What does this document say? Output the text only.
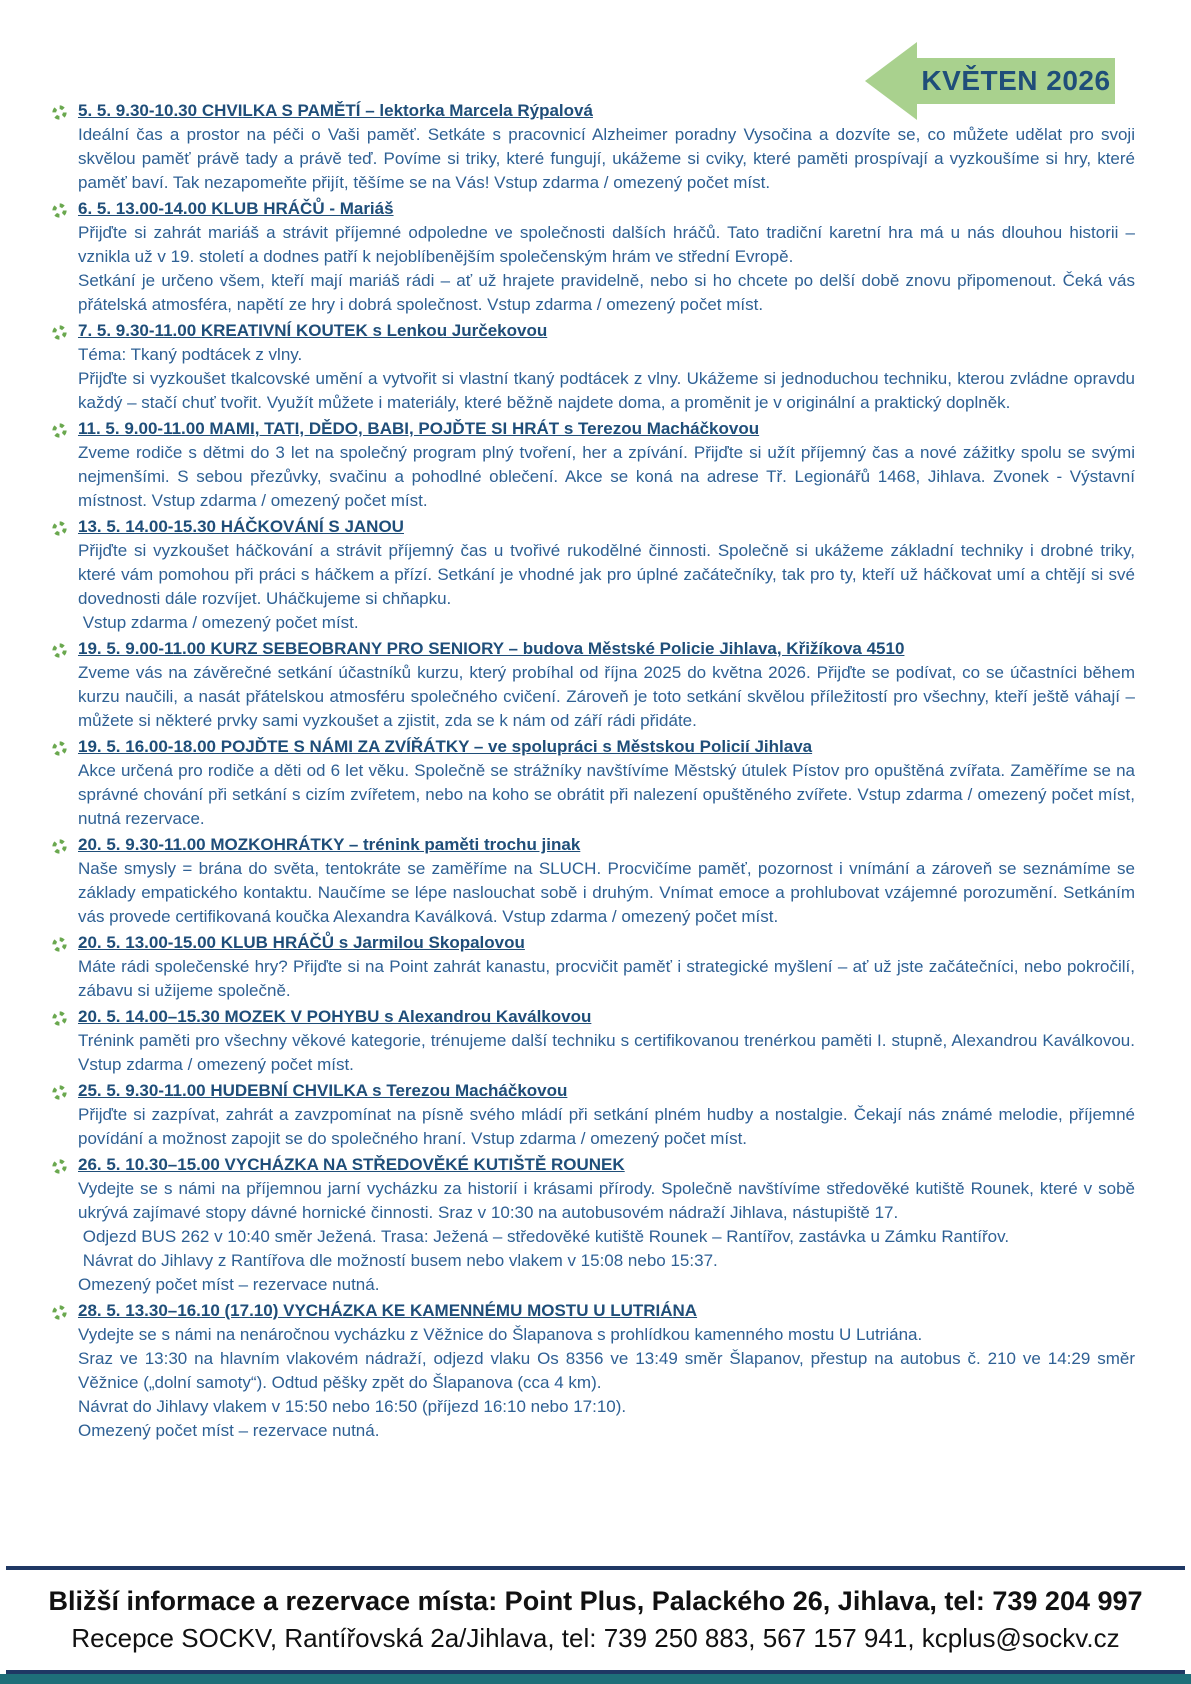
KVĚTEN 2026
5. 5. 9.30-10.30 CHVILKA S PAMĚTÍ – lektorka Marcela Rýpalová

Ideální čas a prostor na péči o Vaši paměť. Setkáte s pracovnicí Alzheimer poradny Vysočina a dozvíte se, co můžete udělat pro svoji skvělou paměť právě tady a právě teď. Povíme si triky, které fungují, ukážeme si cviky, které paměti prospívají a vyzkoušíme si hry, které paměť baví. Tak nezapomeňte přijít, těšíme se na Vás! Vstup zdarma / omezený počet míst.

6. 5. 13.00-14.00 KLUB HRÁČŮ - Mariáš

Přijďte si zahrát mariáš a strávit příjemné odpoledne ve společnosti dalších hráčů. Tato tradiční karetní hra má u nás dlouhou historii – vznikla už v 19. století a dodnes patří k nejoblíbenějším společenským hrám ve střední Evropě.

Setkání je určeno všem, kteří mají mariáš rádi – ať už hrajete pravidelně, nebo si ho chcete po delší době znovu připomenout. Čeká vás přátelská atmosféra, napětí ze hry i dobrá společnost. Vstup zdarma / omezený počet míst.

7. 5. 9.30-11.00 KREATIVNÍ KOUTEK s Lenkou Jurčekovou

Téma: Tkaný podtácek z vlny.

Přijďte si vyzkoušet tkalcovské umění a vytvořit si vlastní tkaný podtácek z vlny. Ukážeme si jednoduchou techniku, kterou zvládne opravdu každý – stačí chuť tvořit. Využít můžete i materiály, které běžně najdete doma, a proměnit je v originální a praktický doplněk.

11. 5. 9.00-11.00 MAMI, TATI, DĚDO, BABI, POJĎTE SI HRÁT s Terezou Macháčkovou

Zveme rodiče s dětmi do 3 let na společný program plný tvoření, her a zpívání. Přijďte si užít příjemný čas a nové zážitky spolu se svými nejmenšími. S sebou přezůvky, svačinu a pohodlné oblečení. Akce se koná na adrese Tř. Legionářů 1468, Jihlava. Zvonek - Výstavní místnost. Vstup zdarma / omezený počet míst.

13. 5. 14.00-15.30 HÁČKOVÁNÍ S JANOU

Přijďte si vyzkoušet háčkování a strávit příjemný čas u tvořivé rukodělné činnosti. Společně si ukážeme základní techniky i drobné triky, které vám pomohou při práci s háčkem a přízí. Setkání je vhodné jak pro úplné začátečníky, tak pro ty, kteří už háčkovat umí a chtějí si své dovednosti dále rozvíjet. Uháčkujeme si chňapku.

Vstup zdarma / omezený počet míst.

19. 5. 9.00-11.00 KURZ SEBEOBRANY PRO SENIORY – budova Městské Policie Jihlava, Křižíkova 4510

Zveme vás na závěrečné setkání účastníků kurzu, který probíhal od října 2025 do května 2026. Přijďte se podívat, co se účastníci během kurzu naučili, a nasát přátelskou atmosféru společného cvičení. Zároveň je toto setkání skvělou příležitostí pro všechny, kteří ještě váhají – můžete si některé prvky sami vyzkoušet a zjistit, zda se k nám od září rádi přidáte.

19. 5. 16.00-18.00 POJĎTE S NÁMI ZA ZVÍŘÁTKY – ve spolupráci s Městskou Policií Jihlava

Akce určená pro rodiče a děti od 6 let věku. Společně se strážníky navštívíme Městský útulek Pístov pro opuštěná zvířata. Zaměříme se na správné chování při setkání s cizím zvířetem, nebo na koho se obrátit při nalezení opuštěného zvířete. Vstup zdarma / omezený počet míst, nutná rezervace.

20. 5. 9.30-11.00 MOZKOHRÁTKY – trénink paměti trochu jinak

Naše smysly = brána do světa, tentokráte se zaměříme na SLUCH. Procvičíme paměť, pozornost i vnímání a zároveň se seznámíme se základy empatického kontaktu. Naučíme se lépe naslouchat sobě i druhým. Vnímat emoce a prohlubovat vzájemné porozumění. Setkáním vás provede certifikovaná koučka Alexandra Kaválková. Vstup zdarma / omezený počet míst.

20. 5. 13.00-15.00 KLUB HRÁČŮ s Jarmilou Skopalovou

Máte rádi společenské hry? Přijďte si na Point zahrát kanastu, procvičit paměť i strategické myšlení – ať už jste začátečníci, nebo pokročilí, zábavu si užijeme společně.

20. 5. 14.00–15.30 MOZEK V POHYBU s Alexandrou Kaválkovou

Trénink paměti pro všechny věkové kategorie, trénujeme další techniku s certifikovanou trenérkou paměti I. stupně, Alexandrou Kaválkovou. Vstup zdarma / omezený počet míst.

25. 5. 9.30-11.00 HUDEBNÍ CHVILKA s Terezou Macháčkovou

Přijďte si zazpívat, zahrát a zavzpomínat na písně svého mládí při setkání plném hudby a nostalgie. Čekají nás známé melodie, příjemné povídání a možnost zapojit se do společného hraní. Vstup zdarma / omezený počet míst.

26. 5. 10.30–15.00 VYCHÁZKA NA STŘEDOVĚKÉ KUTIŠTĚ ROUNEK

Vydejte se s námi na příjemnou jarní vycházku za historií i krásami přírody. Společně navštívíme středověké kutiště Rounek, které v sobě ukrývá zajímavé stopy dávné hornické činnosti. Sraz v 10:30 na autobusovém nádraží Jihlava, nástupiště 17.

Odjezd BUS 262 v 10:40 směr Ježená. Trasa: Ježená – středověké kutiště Rounek – Rantířov, zastávka u Zámku Rantířov.

Návrat do Jihlavy z Rantířova dle možností busem nebo vlakem v 15:08 nebo 15:37.

Omezený počet míst – rezervace nutná.

28. 5. 13.30–16.10 (17.10) VYCHÁZKA KE KAMENNÉMU MOSTU U LUTRIÁNA

Vydejte se s námi na nenáročnou vycházku z Věžnice do Šlapanova s prohlídkou kamenného mostu U Lutriána.

Sraz ve 13:30 na hlavním vlakovém nádraží, odjezd vlaku Os 8356 ve 13:49 směr Šlapanov, přestup na autobus č. 210 ve 14:29 směr Věžnice („dolní samoty“). Odtud pěšky zpět do Šlapanova (cca 4 km).

Návrat do Jihlavy vlakem v 15:50 nebo 16:50 (příjezd 16:10 nebo 17:10).

Omezený počet míst – rezervace nutná.

Bližší informace a rezervace místa: Point Plus, Palackého 26, Jihlava, tel: 739 204 997

Recepce SOCKV, Rantířovská 2a/Jihlava, tel: 739 250 883, 567 157 941, kcplus@sockv.cz
